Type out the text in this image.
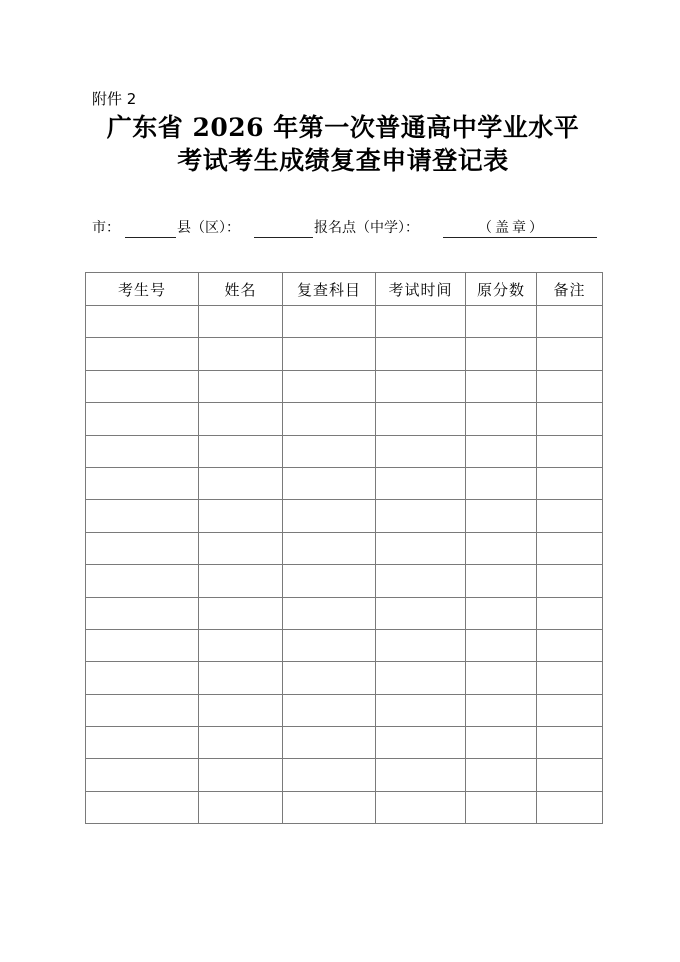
附件 2
广东省 2026 年第一次普通高中学业水平
考试考生成绩复查申请登记表
市：	县（区）：	报名点（中学）：	（盖章）
考生号	姓名	复查科目	考试时间	原分数	备注
